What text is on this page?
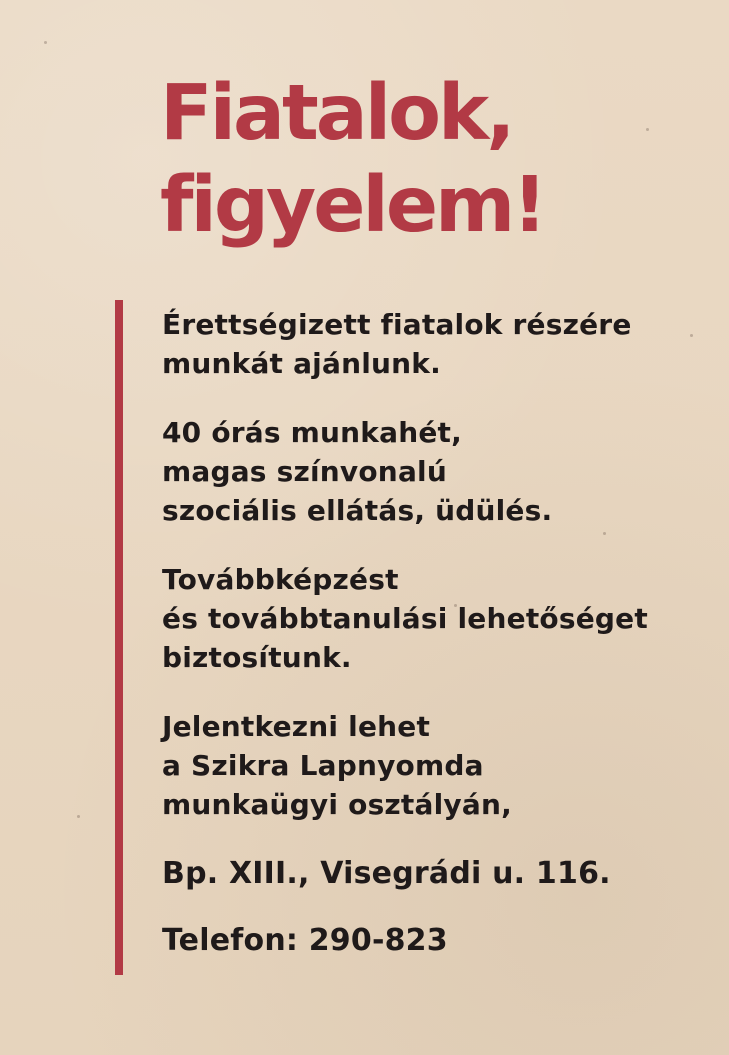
Fiatalok,
figyelem!

Érettségizett fiatalok részére
munkát ajánlunk.

40 órás munkahét,
magas színvonalú
szociális ellátás, üdülés.

Továbbképzést
és továbbtanulási lehetőséget
biztosítunk.

Jelentkezni lehet
a Szikra Lapnyomda
munkaügyi osztályán,

Bp. XIII., Visegrádi u. 116.

Telefon: 290-823
